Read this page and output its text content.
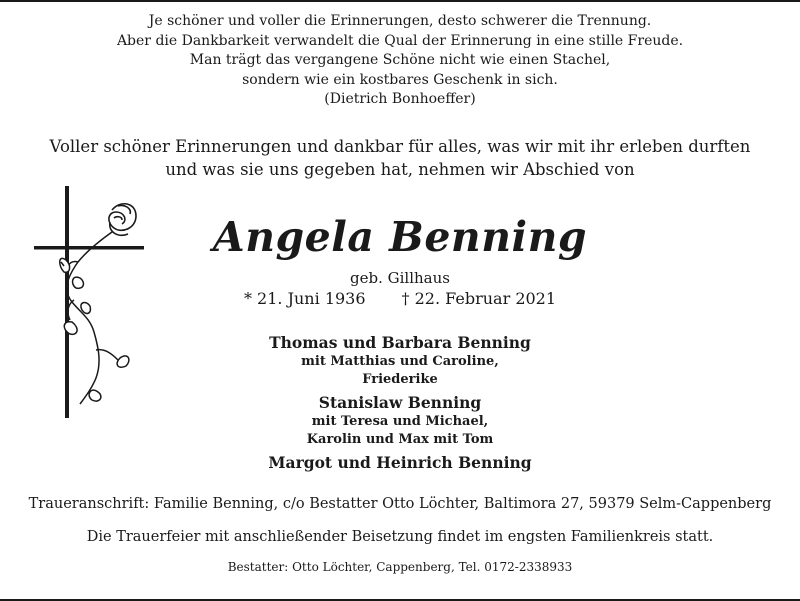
Je schöner und voller die Erinnerungen, desto schwerer die Trennung.
Aber die Dankbarkeit verwandelt die Qual der Erinnerung in eine stille Freude.
Man trägt das vergangene Schöne nicht wie einen Stachel,
sondern wie ein kostbares Geschenk in sich.
(Dietrich Bonhoeffer)
Voller schöner Erinnerungen und dankbar für alles, was wir mit ihr erleben durften
und was sie uns gegeben hat, nehmen wir Abschied von
Angela Benning
geb. Gillhaus
* 21. Juni 1936 † 22. Februar 2021
Thomas und Barbara Benning
mit Matthias und Caroline,
Friederike
Stanislaw Benning
mit Teresa und Michael,
Karolin und Max mit Tom
Margot und Heinrich Benning
Traueranschrift: Familie Benning, c/o Bestatter Otto Löchter, Baltimora 27, 59379 Selm-Cappenberg
Die Trauerfeier mit anschließender Beisetzung findet im engsten Familienkreis statt.
Bestatter: Otto Löchter, Cappenberg, Tel. 0172-2338933
